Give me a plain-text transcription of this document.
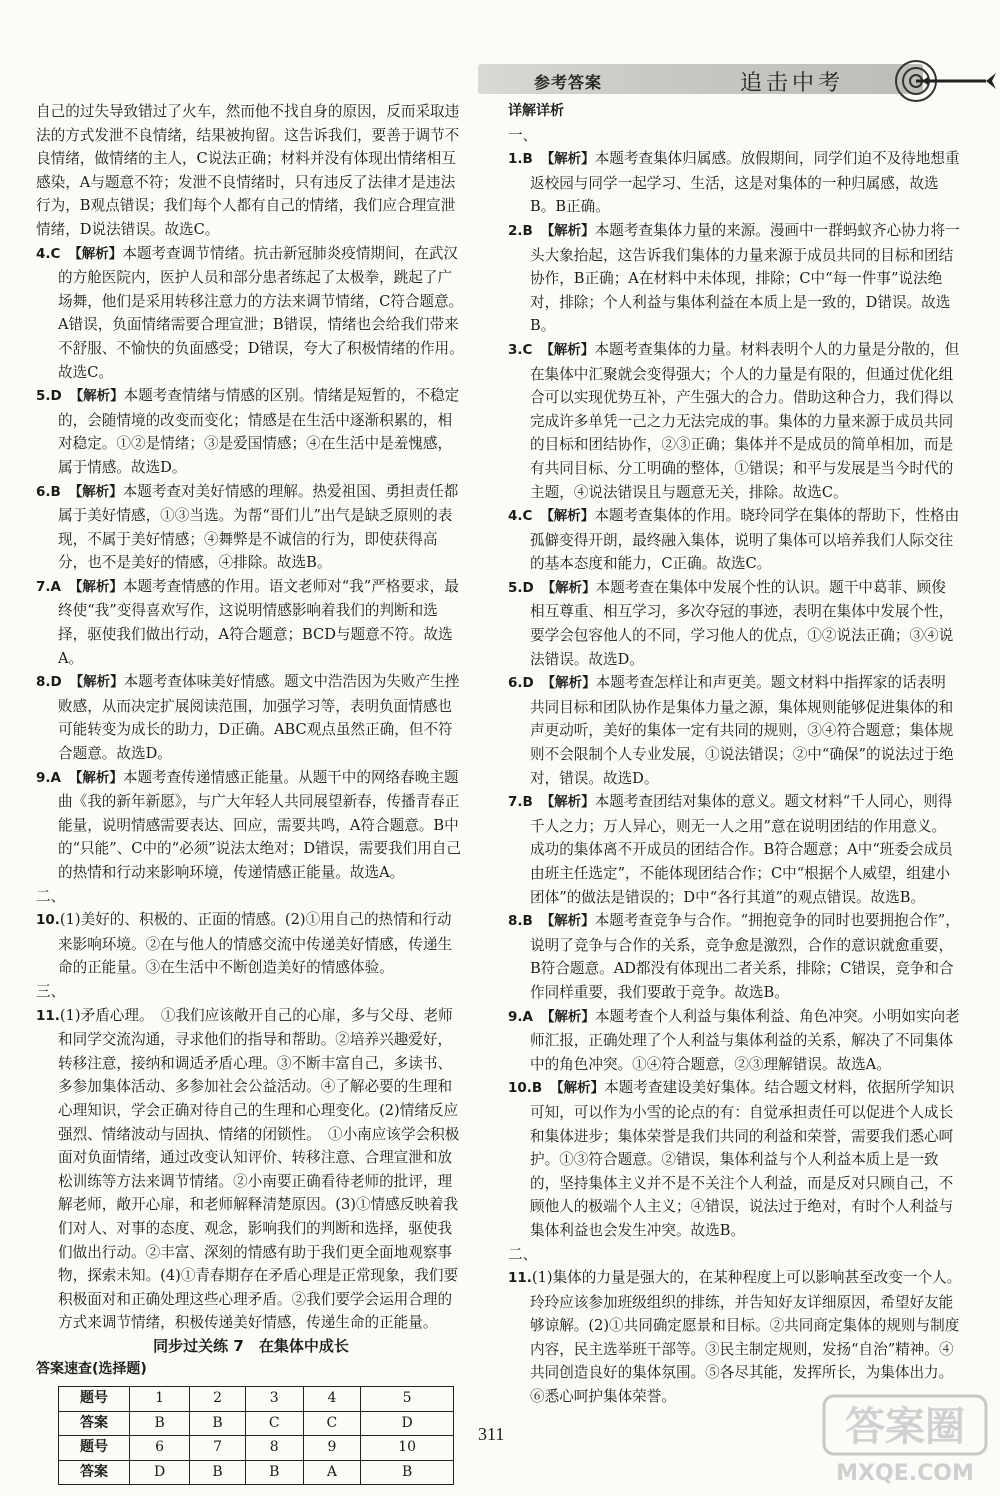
参考答案	追击中考

自己的过失导致错过了火车，然而他不找自身的原因，反而采取违法的方式发泄不良情绪，结果被拘留。这告诉我们，要善于调节不良情绪，做情绪的主人，C说法正确；材料并没有体现出情绪相互感染，A与题意不符；发泄不良情绪时，只有违反了法律才是违法行为，B观点错误；我们每个人都有自己的情绪，我们应合理宣泄情绪，D说法错误。故选C。

4.C　 【解析】本题考查调节情绪。抗击新冠肺炎疫情期间，在武汉的方舱医院内，医护人员和部分患者练起了太极拳，跳起了广场舞，他们是采用转移注意力的方法来调节情绪，C符合题意。A错误，负面情绪需要合理宣泄；B错误，情绪也会给我们带来不舒服、不愉快的负面感受；D错误，夸大了积极情绪的作用。故选C。

5.D　 【解析】本题考查情绪与情感的区别。情绪是短暂的，不稳定的，会随情境的改变而变化；情感是在生活中逐渐积累的，相对稳定。①②是情绪；③是爱国情感；④在生活中是羞愧感，属于情感。故选D。

6.B　 【解析】本题考查对美好情感的理解。热爱祖国、勇担责任都属于美好情感，①③当选。为帮“哥们儿”出气是缺乏原则的表现，不属于美好情感；④舞弊是不诚信的行为，即使获得高分，也不是美好的情感，④排除。故选B。

7.A　 【解析】本题考查情感的作用。语文老师对“我”严格要求，最终使“我”变得喜欢写作，这说明情感影响着我们的判断和选择，驱使我们做出行动，A符合题意；BCD与题意不符。故选A。

8.D　 【解析】本题考查体味美好情感。题文中浩浩因为失败产生挫败感，从而决定扩展阅读范围，加强学习等，表明负面情感也可能转变为成长的助力，D正确。ABC观点虽然正确，但不符合题意。故选D。

9.A　 【解析】本题考查传递情感正能量。从题干中的网络春晚主题曲《我的新年新愿》，与广大年轻人共同展望新春，传播青春正能量，说明情感需要表达、回应，需要共鸣，A符合题意。B中的“只能”、C中的“必须”说法太绝对；D错误，需要我们用自己的热情和行动来影响环境，传递情感正能量。故选A。

二、

10.(1)美好的、积极的、正面的情感。(2)①用自己的热情和行动来影响环境。②在与他人的情感交流中传递美好情感，传递生命的正能量。③在生活中不断创造美好的情感体验。

三、

11.(1)矛盾心理。　①我们应该敞开自己的心扉，多与父母、老师和同学交流沟通，寻求他们的指导和帮助。②培养兴趣爱好，转移注意，接纳和调适矛盾心理。③不断丰富自己，多读书、多参加集体活动、多参加社会公益活动。④了解必要的生理和心理知识，学会正确对待自己的生理和心理变化。(2)情绪反应强烈、情绪波动与固执、情绪的闭锁性。　①小南应该学会积极面对负面情绪，通过改变认知评价、转移注意、合理宣泄和放松训练等方法来调节情绪。②小南要正确看待老师的批评，理解老师，敞开心扉，和老师解释清楚原因。(3)①情感反映着我们对人、对事的态度、观念，影响我们的判断和选择，驱使我们做出行动。②丰富、深刻的情感有助于我们更全面地观察事物，探索未知。(4)①青春期存在矛盾心理是正常现象，我们要积极面对和正确处理这些心理矛盾。②我们要学会运用合理的方式来调节情绪，积极传递美好情感，传递生命的正能量。

同步过关练 7　在集体中成长

答案速查(选择题)

题号	1	2	3	4	5
答案	B	B	C	C	D
题号	6	7	8	9	10
答案	D	B	B	A	B

详解详析

一、

1.B　 【解析】本题考查集体归属感。放假期间，同学们迫不及待地想重返校园与同学一起学习、生活，这是对集体的一种归属感，故选B。B正确。

2.B　 【解析】本题考查集体力量的来源。漫画中一群蚂蚁齐心协力将一头大象抬起，这告诉我们集体的力量来源于成员共同的目标和团结协作，B正确；A在材料中未体现，排除；C中“每一件事”说法绝对，排除；个人利益与集体利益在本质上是一致的，D错误。故选B。

3.C　 【解析】本题考查集体的力量。材料表明个人的力量是分散的，但在集体中汇聚就会变得强大；个人的力量是有限的，但通过优化组合可以实现优势互补，产生强大的合力。借助这种合力，我们得以完成许多单凭一己之力无法完成的事。集体的力量来源于成员共同的目标和团结协作，②③正确；集体并不是成员的简单相加，而是有共同目标、分工明确的整体，①错误；和平与发展是当今时代的主题，④说法错误且与题意无关，排除。故选C。

4.C　 【解析】本题考查集体的作用。晓玲同学在集体的帮助下，性格由孤僻变得开朗，最终融入集体，说明了集体可以培养我们人际交往的基本态度和能力，C正确。故选C。

5.D　 【解析】本题考查在集体中发展个性的认识。题干中葛菲、顾俊相互尊重、相互学习，多次夺冠的事迹，表明在集体中发展个性，要学会包容他人的不同，学习他人的优点，①②说法正确；③④说法错误。故选D。

6.D　 【解析】本题考查怎样让和声更美。题文材料中指挥家的话表明共同目标和团队协作是集体力量之源，集体规则能够促进集体的和声更动听，美好的集体一定有共同的规则，③④符合题意；集体规则不会限制个人专业发展，①说法错误；②中“确保”的说法过于绝对，错误。故选D。

7.B　 【解析】本题考查团结对集体的意义。题文材料“千人同心，则得千人之力；万人异心，则无一人之用”意在说明团结的作用意义。成功的集体离不开成员的团结合作。B符合题意；A中“班委会成员由班主任选定”，不能体现团结合作；C中“根据个人威望，组建小团体”的做法是错误的；D中“各行其道”的观点错误。故选B。

8.B　 【解析】本题考查竞争与合作。“拥抱竞争的同时也要拥抱合作”，说明了竞争与合作的关系，竞争愈是激烈，合作的意识就愈重要，B符合题意。AD都没有体现出二者关系，排除；C错误，竞争和合作同样重要，我们要敢于竞争。故选B。

9.A　 【解析】本题考查个人利益与集体利益、角色冲突。小明如实向老师汇报，正确处理了个人利益与集体利益的关系，解决了不同集体中的角色冲突。①④符合题意，②③理解错误。故选A。

10.B　 【解析】本题考查建设美好集体。结合题文材料，依据所学知识可知，可以作为小雪的论点的有：自觉承担责任可以促进个人成长和集体进步；集体荣誉是我们共同的利益和荣誉，需要我们悉心呵护。①③符合题意。②错误，集体利益与个人利益本质上是一致的，坚持集体主义并不是不关注个人利益，而是反对只顾自己，不顾他人的极端个人主义；④错误，说法过于绝对，有时个人利益与集体利益也会发生冲突。故选B。

二、

11.(1)集体的力量是强大的，在某种程度上可以影响甚至改变一个人。　玲玲应该参加班级组织的排练，并告知好友详细原因，希望好友能够谅解。(2)①共同确定愿景和目标。②共同商定集体的规则与制度内容，民主选举班干部等。③民主制定规则，发扬“自治”精神。④共同创造良好的集体氛围。⑤各尽其能，发挥所长，为集体出力。⑥悉心呵护集体荣誉。

311	答案圈
MXQE.COM
